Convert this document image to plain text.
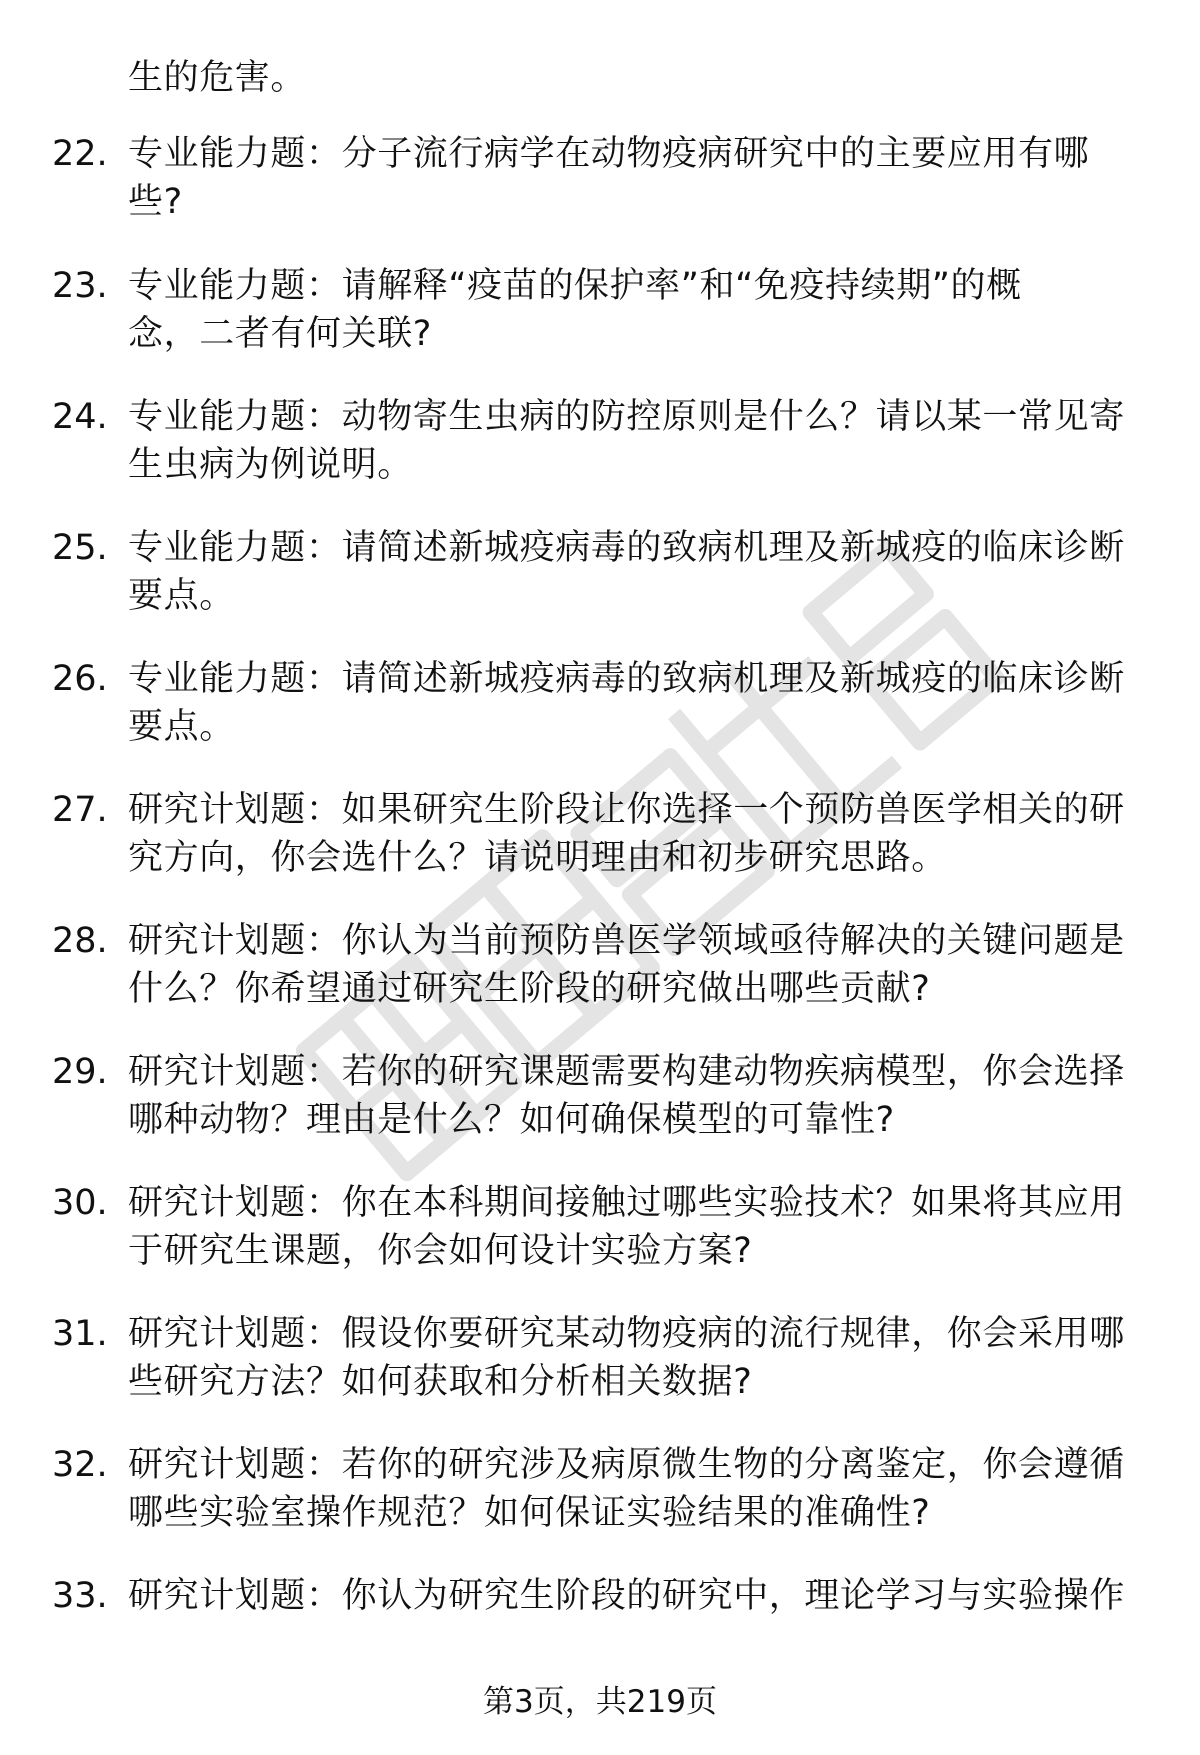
生的危害。
22. 专业能力题：分子流行病学在动物疫病研究中的主要应用有哪
些?
23. 专业能力题：请解释“疫苗的保护率”和“免疫持续期”的概
念，二者有何关联?
24. 专业能力题：动物寄生虫病的防控原则是什么？请以某一常见寄
生虫病为例说明。
25. 专业能力题：请简述新城疫病毒的致病机理及新城疫的临床诊断
要点。
26. 专业能力题：请简述新城疫病毒的致病机理及新城疫的临床诊断
要点。
27. 研究计划题：如果研究生阶段让你选择一个预防兽医学相关的研
究方向，你会选什么？请说明理由和初步研究思路。
28. 研究计划题：你认为当前预防兽医学领域亟待解决的关键问题是
什么？你希望通过研究生阶段的研究做出哪些贡献?
29. 研究计划题：若你的研究课题需要构建动物疾病模型，你会选择
哪种动物？理由是什么？如何确保模型的可靠性?
30. 研究计划题：你在本科期间接触过哪些实验技术？如果将其应用
于研究生课题，你会如何设计实验方案?
31. 研究计划题：假设你要研究某动物疫病的流行规律，你会采用哪
些研究方法？如何获取和分析相关数据?
32. 研究计划题：若你的研究涉及病原微生物的分离鉴定，你会遵循
哪些实验室操作规范？如何保证实验结果的准确性?
33. 研究计划题：你认为研究生阶段的研究中，理论学习与实验操作
第3页，共219页
